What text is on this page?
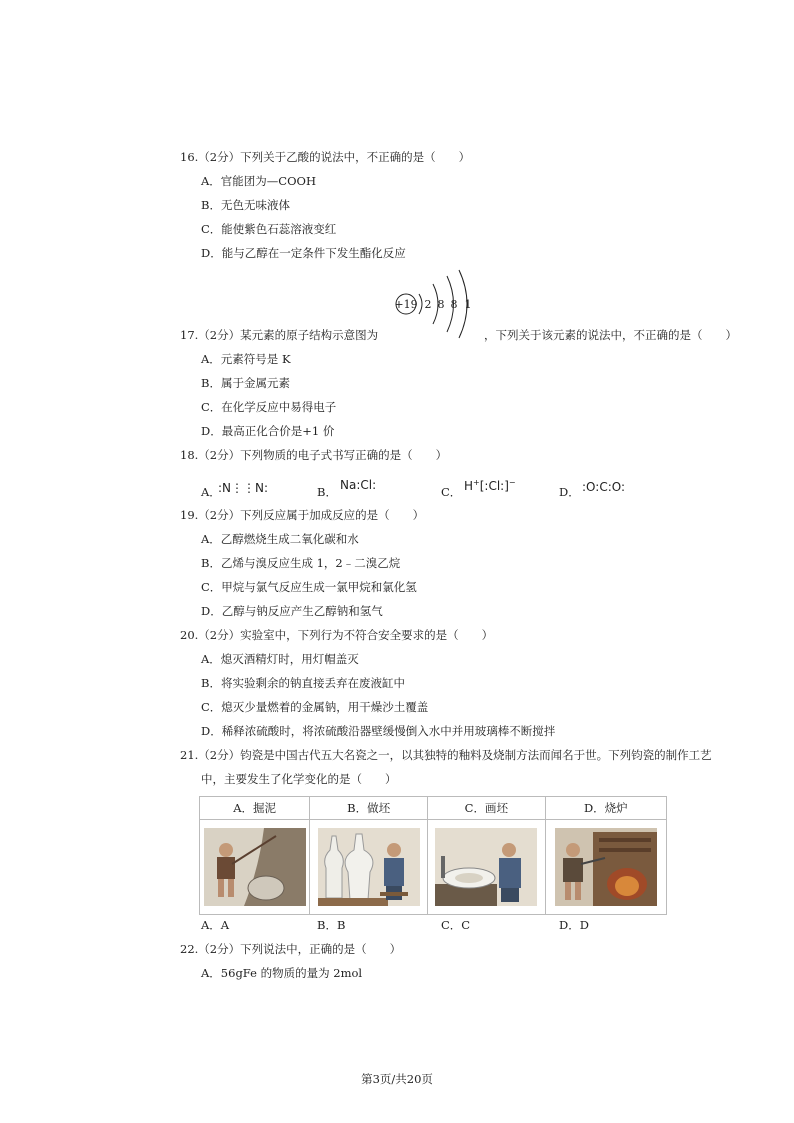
16.（2分）下列关于乙酸的说法中，不正确的是（　　）
A．官能团为—COOH
B．无色无味液体
C．能使紫色石蕊溶液变红
D．能与乙醇在一定条件下发生酯化反应
17.（2分）某元素的原子结构示意图为
+19 2 8 8 1
，下列关于该元素的说法中，不正确的是（　　）
A．元素符号是 K
B．属于金属元素
C．在化学反应中易得电子
D．最高正化合价是+1 价
18.（2分）下列物质的电子式书写正确的是（　　）
A．
:N⋮⋮N:	B． Na:Cl:	C． H+[:Cl:]−
D． :O:C:O:
19.（2分）下列反应属于加成反应的是（　　）
A．乙醇燃烧生成二氧化碳和水
B．乙烯与溴反应生成 1，2﹣二溴乙烷
C．甲烷与氯气反应生成一氯甲烷和氯化氢
D．乙醇与钠反应产生乙醇钠和氢气
20.（2分）实验室中，下列行为不符合安全要求的是（　　）
A．熄灭酒精灯时，用灯帽盖灭
B．将实验剩余的钠直接丢弃在废液缸中
C．熄灭少量燃着的金属钠，用干燥沙土覆盖
D．稀释浓硫酸时，将浓硫酸沿器壁缓慢倒入水中并用玻璃棒不断搅拌
21.（2分）钧瓷是中国古代五大名瓷之一，以其独特的釉料及烧制方法而闻名于世。下列钧瓷的制作工艺
中，主要发生了化学变化的是（　　）
A．掘泥	B．做坯	C．画坯	D．烧炉

A．A	B．B	C．C	D．D
22.（2分）下列说法中，正确的是（　　）
A．56gFe 的物质的量为 2mol
第3页/共20页
